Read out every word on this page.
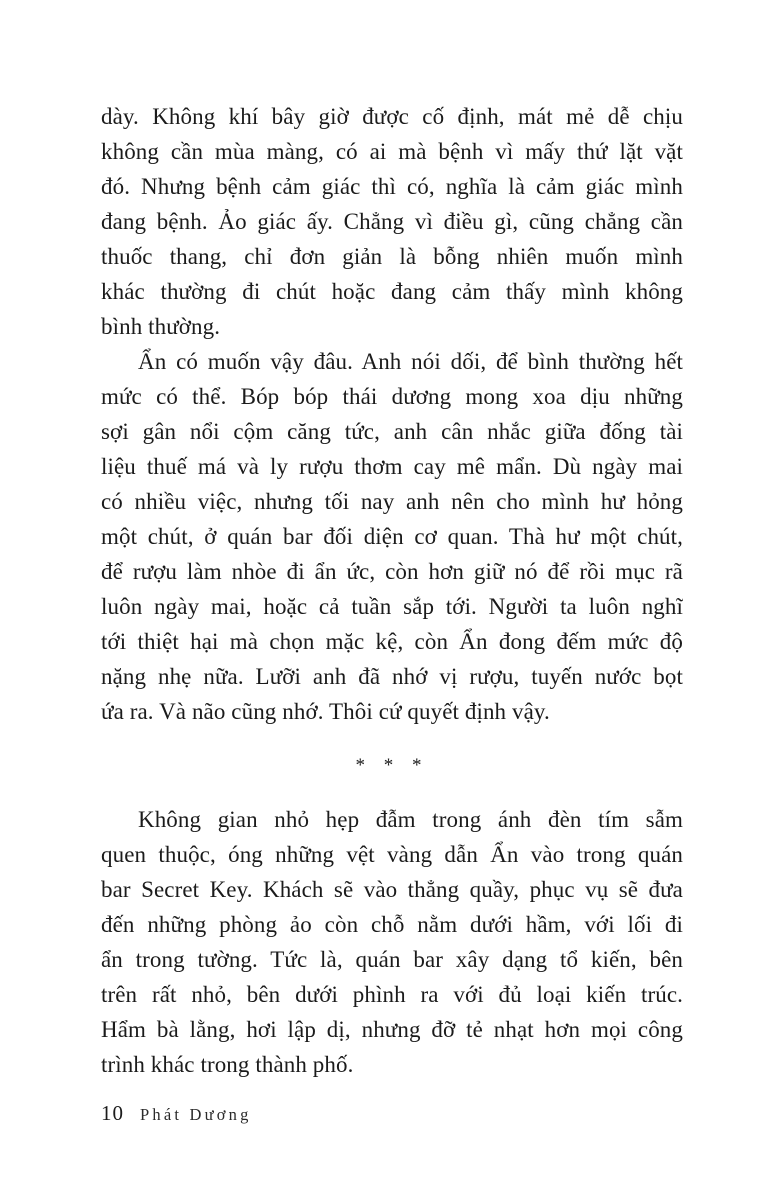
dày. Không khí bây giờ được cố định, mát mẻ dễ chịu
không cần mùa màng, có ai mà bệnh vì mấy thứ lặt vặt
đó. Nhưng bệnh cảm giác thì có, nghĩa là cảm giác mình
đang bệnh. Ảo giác ấy. Chẳng vì điều gì, cũng chẳng cần
thuốc thang, chỉ đơn giản là bỗng nhiên muốn mình
khác thường đi chút hoặc đang cảm thấy mình không
bình thường.
Ẩn có muốn vậy đâu. Anh nói dối, để bình thường hết
mức có thể. Bóp bóp thái dương mong xoa dịu những
sợi gân nổi cộm căng tức, anh cân nhắc giữa đống tài
liệu thuế má và ly rượu thơm cay mê mẩn. Dù ngày mai
có nhiều việc, nhưng tối nay anh nên cho mình hư hỏng
một chút, ở quán bar đối diện cơ quan. Thà hư một chút,
để rượu làm nhòe đi ẩn ức, còn hơn giữ nó để rồi mục rã
luôn ngày mai, hoặc cả tuần sắp tới. Người ta luôn nghĩ
tới thiệt hại mà chọn mặc kệ, còn Ẩn đong đếm mức độ
nặng nhẹ nữa. Lưỡi anh đã nhớ vị rượu, tuyến nước bọt
ứa ra. Và não cũng nhớ. Thôi cứ quyết định vậy.
* * *
Không gian nhỏ hẹp đẫm trong ánh đèn tím sẫm
quen thuộc, óng những vệt vàng dẫn Ẩn vào trong quán
bar Secret Key. Khách sẽ vào thẳng quầy, phục vụ sẽ đưa
đến những phòng ảo còn chỗ nằm dưới hầm, với lối đi
ẩn trong tường. Tức là, quán bar xây dạng tổ kiến, bên
trên rất nhỏ, bên dưới phình ra với đủ loại kiến trúc.
Hẩm bà lằng, hơi lập dị, nhưng đỡ tẻ nhạt hơn mọi công
trình khác trong thành phố.
10 Phát Dương
